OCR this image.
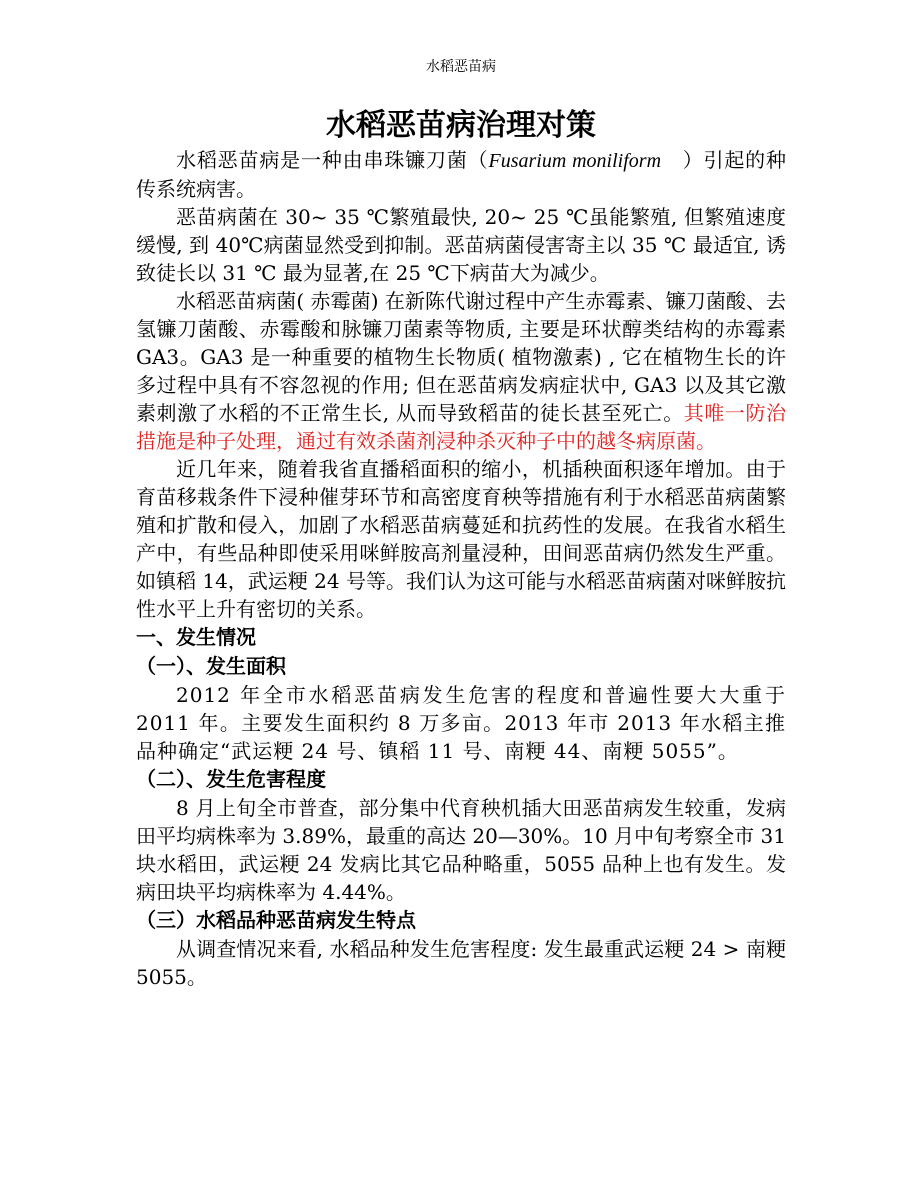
水稻恶苗病
水稻恶苗病治理对策

水稻恶苗病是一种由串珠镰刀菌（Fusarium moniliform　）引起的种传系统病害。

恶苗病菌在 30~ 35 ℃繁殖最快, 20~ 25 ℃虽能繁殖, 但繁殖速度缓慢, 到 40℃病菌显然受到抑制。恶苗病菌侵害寄主以 35 ℃ 最适宜, 诱致徒长以 31 ℃ 最为显著,在 25 ℃下病苗大为减少。

水稻恶苗病菌( 赤霉菌) 在新陈代谢过程中产生赤霉素、镰刀菌酸、去氢镰刀菌酸、赤霉酸和脉镰刀菌素等物质, 主要是环状醇类结构的赤霉素 GA3。GA3 是一种重要的植物生长物质( 植物激素) , 它在植物生长的许多过程中具有不容忽视的作用; 但在恶苗病发病症状中, GA3 以及其它激素刺激了水稻的不正常生长, 从而导致稻苗的徒长甚至死亡。其唯一防治措施是种子处理，通过有效杀菌剂浸种杀灭种子中的越冬病原菌。

近几年来，随着我省直播稻面积的缩小，机插秧面积逐年增加。由于育苗移栽条件下浸种催芽环节和高密度育秧等措施有利于水稻恶苗病菌繁殖和扩散和侵入，加剧了水稻恶苗病蔓延和抗药性的发展。在我省水稻生产中，有些品种即使采用咪鲜胺高剂量浸种，田间恶苗病仍然发生严重。如镇稻 14，武运粳 24 号等。我们认为这可能与水稻恶苗病菌对咪鲜胺抗性水平上升有密切的关系。

一、发生情况
（一）、发生面积

2012 年全市水稻恶苗病发生危害的程度和普遍性要大大重于 2011 年。主要发生面积约 8 万多亩。2013 年市 2013 年水稻主推品种确定“武运粳 24 号、镇稻 11 号、南粳 44、南粳 5055”。

（二）、发生危害程度

8 月上旬全市普查，部分集中代育秧机插大田恶苗病发生较重，发病田平均病株率为 3.89%，最重的高达 20—30%。10 月中旬考察全市 31 块水稻田，武运粳 24 发病比其它品种略重，5055 品种上也有发生。发病田块平均病株率为 4.44%。

（三）水稻品种恶苗病发生特点

从调查情况来看, 水稻品种发生危害程度: 发生最重武运粳 24 > 南粳 5055。
